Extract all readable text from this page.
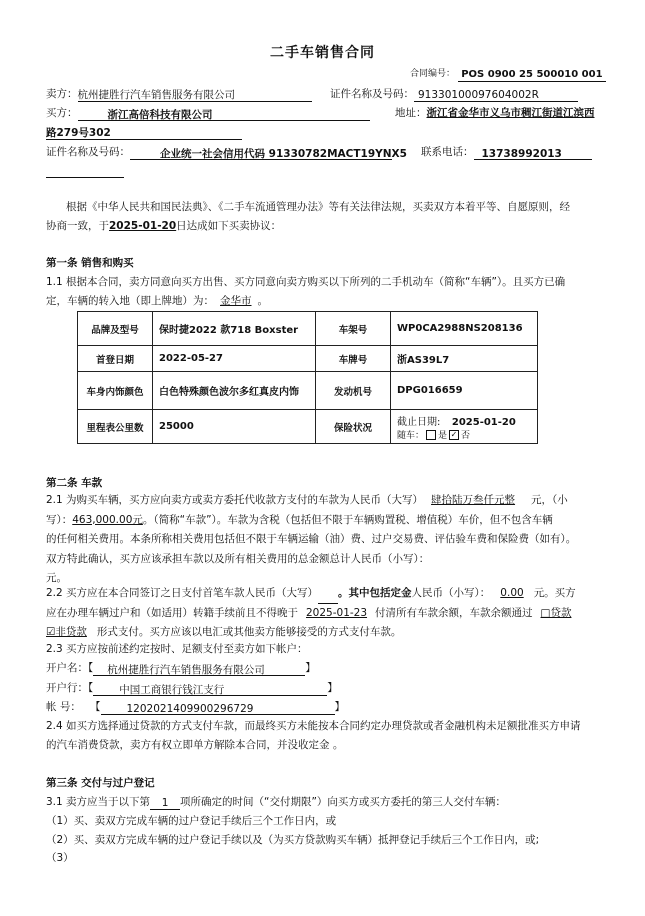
二手车销售合同
合同编号： POS 0900 25 500010 001
卖方：杭州捷胜行汽车销售服务有限公司	证件名称及号码： 91330100097604002R
买方：	浙江高倍科技有限公司	地址：浙江省金华市义乌市稠江街道江滨西
路279号302
证件名称及号码：	企业统一社会信用代码 91330782MACT19YNX5 联系电话： 13738992013
根据《中华人民共和国民法典》、《二手车流通管理办法》等有关法律法规，买卖双方本着平等、自愿原则，经
协商一致，于2025-01-20日达成如下买卖协议：
第一条 销售和购买
1.1 根据本合同，卖方同意向买方出售、买方同意向卖方购买以下所列的二手机动车（简称“车辆”）。且买方已确
定，车辆的转入地（即上牌地）为： 金华市 。
品牌及型号	保时捷2022 款718 Boxster	车架号	WP0CA2988NS208136
首登日期	2022-05-27	车牌号	浙AS39L7
车身内饰颜色	白色特殊颜色波尔多红真皮内饰	发动机号	DPG016659
里程表公里数	25000	保险状况	截止日期: 2025-01-20
随车： 是 ✓ 否
第二条 车款
2.1 为购买车辆，买方应向卖方或卖方委托代收款方支付的车款为人民币（大写） 肆拾陆万叁仟元整 元，（小
写）：463,000.00元。（简称“车款”）。车款为含税（包括但不限于车辆购置税、增值税）车价，但不包含车辆
的任何相关费用。本条所称相关费用包括但不限于车辆运输（油）费、过户交易费、评估验车费和保险费（如有）。
双方特此确认，买方应该承担车款以及所有相关费用的总金额总计人民币（小写）：
元。
2.2 买方应在本合同签订之日支付首笔车款人民币（大写） 。其中包括定金人民币（小写）： 0.00 元。买方
应在办理车辆过户和（如适用）转籍手续前且不得晚于 2025-01-23 付清所有车款余额，车款余额通过 □贷款
☑非贷款 形式支付。买方应该以电汇或其他卖方能够接受的方式支付车款。
2.3 买方应按前述约定按时、足额支付至卖方如下帐户：
开户名：【 杭州捷胜行汽车销售服务有限公司	】
开户行：【 中国工商银行钱江支行	】
帐 号： 【 1202021409900296729	】
2.4 如买方选择通过贷款的方式支付车款，而最终买方未能按本合同约定办理贷款或者金融机构未足额批准买方申请
的汽车消费贷款，卖方有权立即单方解除本合同，并没收定金 。
第三条 交付与过户登记
3.1 卖方应当于以下第 1 项所确定的时间（“交付期限”）向买方或买方委托的第三人交付车辆：
（1）买、卖双方完成车辆的过户登记手续后三个工作日内，或
（2）买、卖双方完成车辆的过户登记手续以及（为买方贷款购买车辆）抵押登记手续后三个工作日内，或;
（3）
